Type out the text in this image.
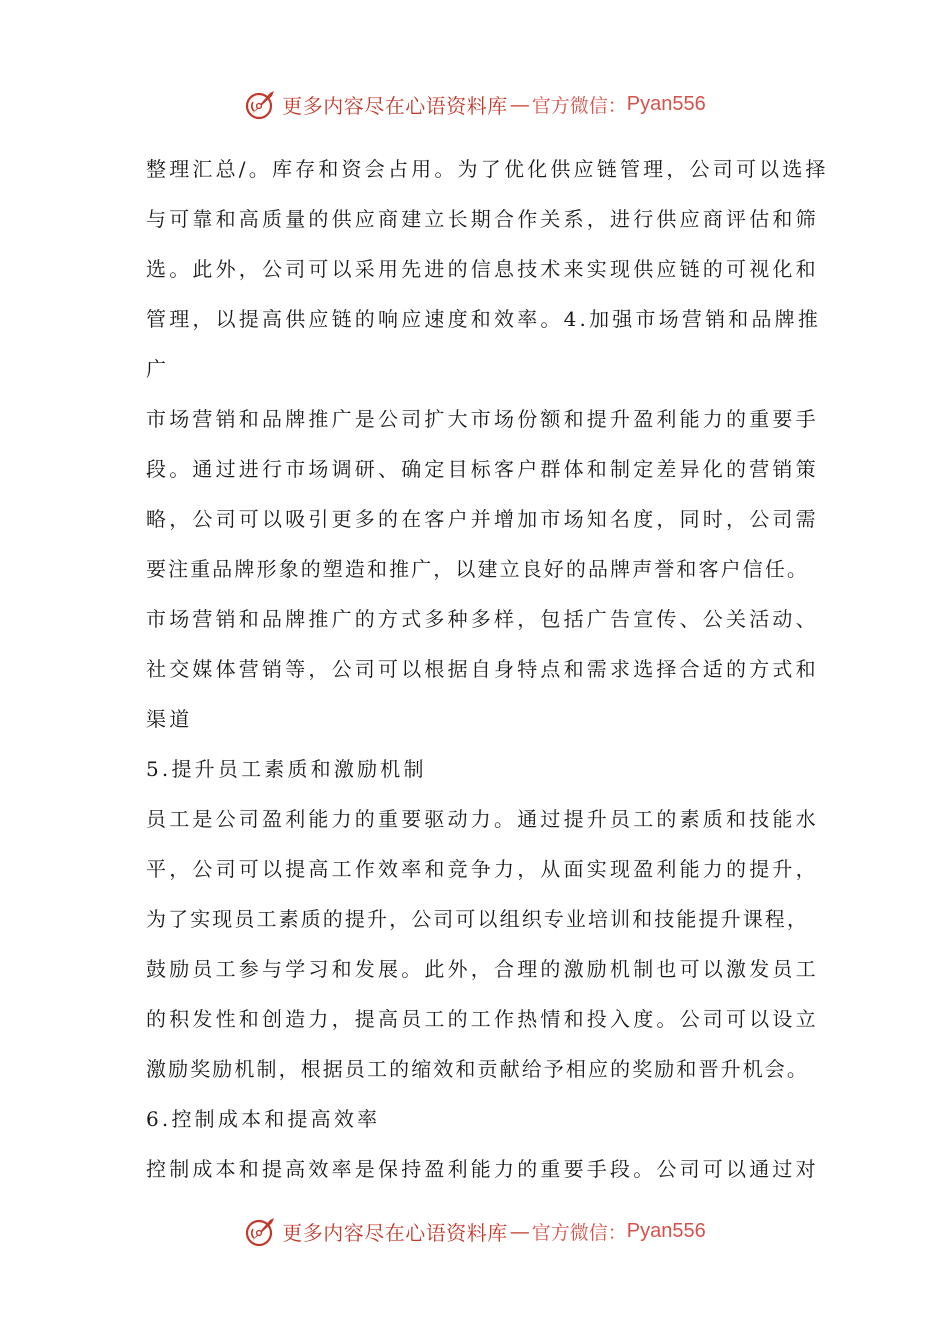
更多内容尽在心语资料库 — 官方微信： Pyan556
整理汇总/。库存和资会占用。为了优化供应链管理，公司可以选择
与可靠和高质量的供应商建立长期合作关系，进行供应商评估和筛
选。此外，公司可以采用先进的信息技术来实现供应链的可视化和
管理，以提高供应链的响应速度和效率。4.加强市场营销和品牌推
广
市场营销和品牌推广是公司扩大市场份额和提升盈利能力的重要手
段。通过进行市场调研、确定目标客户群体和制定差异化的营销策
略，公司可以吸引更多的在客户并增加市场知名度，同时，公司需
要注重品牌形象的塑造和推广，以建立良好的品牌声誉和客户信任。
市场营销和品牌推广的方式多种多样，包括广告宣传、公关活动、
社交媒体营销等，公司可以根据自身特点和需求选择合适的方式和
渠道
5.提升员工素质和激励机制
员工是公司盈利能力的重要驱动力。通过提升员工的素质和技能水
平，公司可以提高工作效率和竞争力，从面实现盈利能力的提升，
为了实现员工素质的提升，公司可以组织专业培训和技能提升课程，
鼓励员工参与学习和发展。此外，合理的激励机制也可以激发员工
的积发性和创造力，提高员工的工作热情和投入度。公司可以设立
激励奖励机制，根据员工的缩效和贡献给予相应的奖励和晋升机会。
6.控制成本和提高效率
控制成本和提高效率是保持盈利能力的重要手段。公司可以通过对
更多内容尽在心语资料库 — 官方微信： Pyan556
